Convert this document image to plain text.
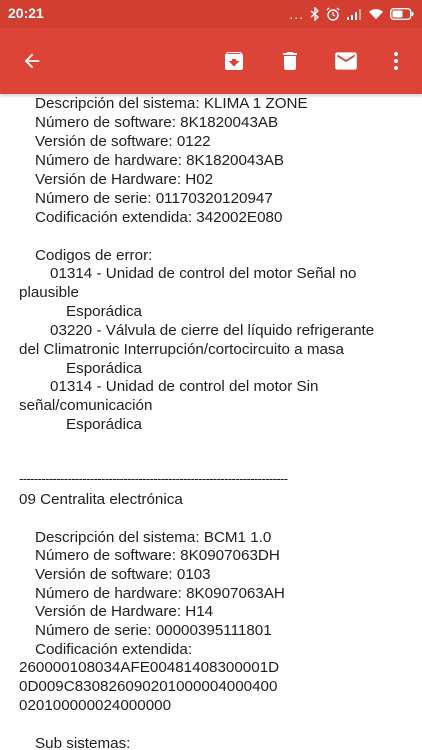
20:21	...
Descripción del sistema: KLIMA 1 ZONE
Número de software: 8K1820043AB
Versión de software: 0122
Número de hardware: 8K1820043AB
Versión de Hardware: H02
Número de serie: 01170320120947
Codificación extendida: 342002E080
Codigos de error:
01314 - Unidad de control del motor Señal no
plausible
Esporádica
03220 - Válvula de cierre del líquido refrigerante
del Climatronic Interrupción/cortocircuito a masa
Esporádica
01314 - Unidad de control del motor Sin
señal/comunicación
Esporádica
------------------------------------------------------------------------
09 Centralita electrónica
Descripción del sistema: BCM1 1.0
Número de software: 8K0907063DH
Versión de software: 0103
Número de hardware: 8K0907063AH
Versión de Hardware: H14
Número de serie: 00000395111801
Codificación extendida:
260000108034AFE00481408300001D
0D009C8308260902010000040004​00
020100000024000000
Sub sistemas:
